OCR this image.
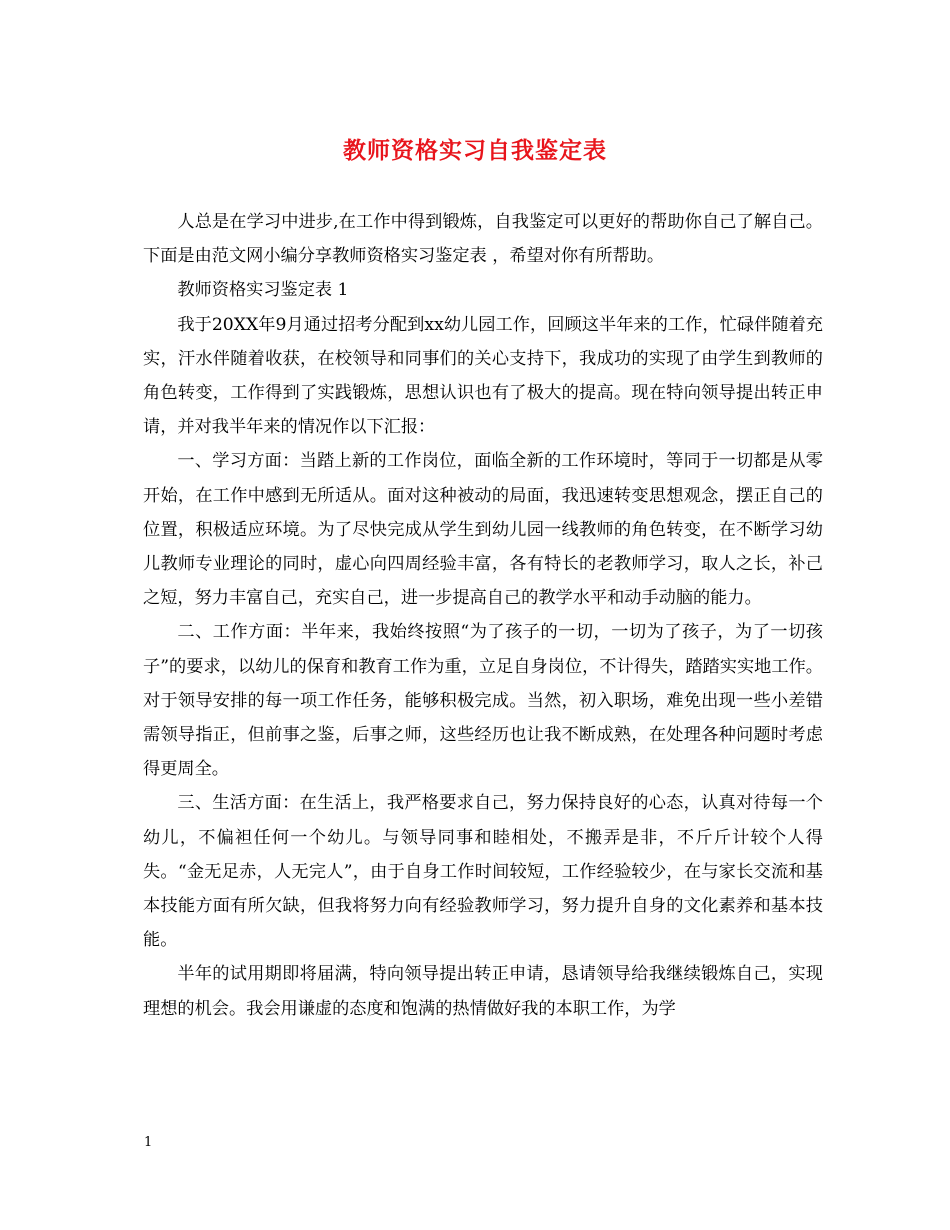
教师资格实习自我鉴定表

人总是在学习中进步,在工作中得到锻炼，自我鉴定可以更好的帮助你自己了解自己。下面是由范文网小编分享教师资格实习鉴定表 ，希望对你有所帮助。

教师资格实习鉴定表 1

我于20XX年9月通过招考分配到xx幼儿园工作，回顾这半年来的工作，忙碌伴随着充实，汗水伴随着收获，在校领导和同事们的关心支持下，我成功的实现了由学生到教师的角色转变，工作得到了实践锻炼，思想认识也有了极大的提高。现在特向领导提出转正申请，并对我半年来的情况作以下汇报：

一、学习方面：当踏上新的工作岗位，面临全新的工作环境时，等同于一切都是从零开始，在工作中感到无所适从。面对这种被动的局面，我迅速转变思想观念，摆正自己的位置，积极适应环境。为了尽快完成从学生到幼儿园一线教师的角色转变，在不断学习幼儿教师专业理论的同时，虚心向四周经验丰富，各有特长的老教师学习，取人之长，补己之短，努力丰富自己，充实自己，进一步提高自己的教学水平和动手动脑的能力。

二、工作方面：半年来，我始终按照“为了孩子的一切，一切为了孩子，为了一切孩子”的要求，以幼儿的保育和教育工作为重，立足自身岗位，不计得失，踏踏实实地工作。对于领导安排的每一项工作任务，能够积极完成。当然，初入职场，难免出现一些小差错需领导指正，但前事之鉴，后事之师，这些经历也让我不断成熟，在处理各种问题时考虑得更周全。

三、生活方面：在生活上，我严格要求自己，努力保持良好的心态，认真对待每一个幼儿，不偏袒任何一个幼儿。与领导同事和睦相处，不搬弄是非，不斤斤计较个人得失。“金无足赤，人无完人”，由于自身工作时间较短，工作经验较少，在与家长交流和基本技能方面有所欠缺，但我将努力向有经验教师学习，努力提升自身的文化素养和基本技能。

半年的试用期即将届满，特向领导提出转正申请，恳请领导给我继续锻炼自己，实现理想的机会。我会用谦虚的态度和饱满的热情做好我的本职工作，为学

1
